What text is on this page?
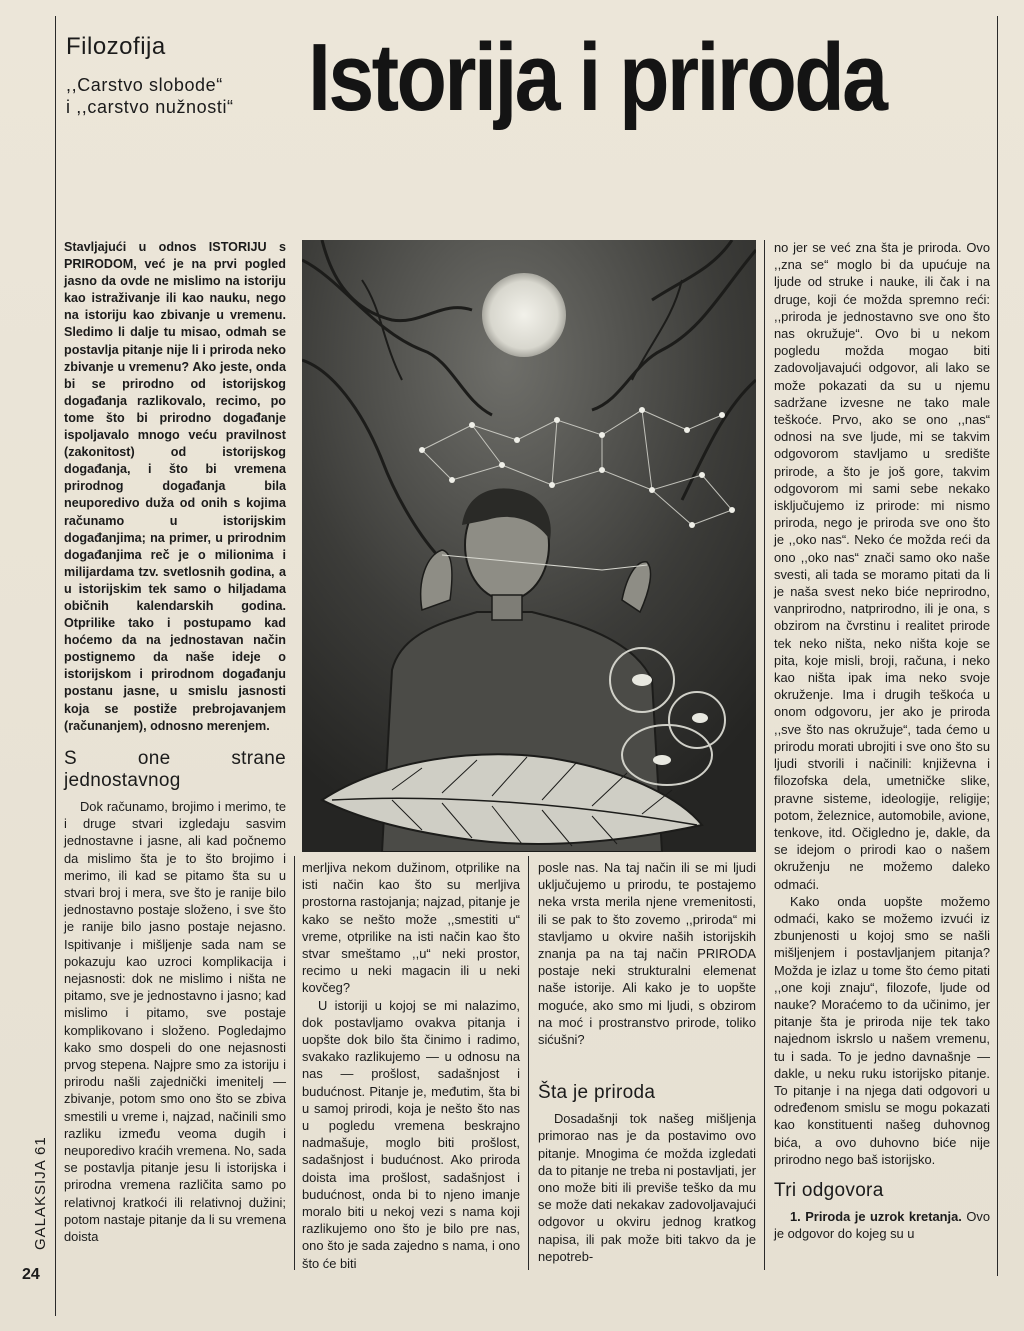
Filozofija
,,Carstvo slobode“
i ,,carstvo nužnosti“ Istorija i priroda
Stavljajući u odnos ISTORIJU s PRIRODOM, već je na prvi pogled jasno da ovde ne mislimo na istoriju kao istraživanje ili kao nauku, nego na istoriju kao zbivanje u vremenu. Sledimo li dalje tu misao, odmah se postavlja pitanje nije li i priroda neko zbivanje u vremenu? Ako jeste, onda bi se prirodno od istorijskog događanja razlikovalo, recimo, po tome što bi prirodno događanje ispoljavalo mnogo veću pravilnost (zakonitost) od istorijskog događanja, i što bi vremena prirodnog događanja bila neuporedivo duža od onih s kojima računamo u istorijskim događanjima; na primer, u prirodnim događanjima reč je o milionima i milijardama tzv. svetlosnih godina, a u istorijskim tek samo o hiljadama običnih kalendarskih godina. Otprilike tako i postupamo kad hoćemo da na jednostavan način postignemo da naše ideje o istorijskom i prirodnom događanju postanu jasne, u smislu jasnosti koja se postiže prebrojavanjem (računanjem), odnosno merenjem.
S one strane jednostavnog

Dok računamo, brojimo i merimo, te i druge stvari izgledaju sasvim jednostavne i jasne, ali kad počnemo da mislimo šta je to što brojimo i merimo, ili kad se pitamo šta su u stvari broj i mera, sve što je ranije bilo jednostavno postaje složeno, i sve što je ranije bilo jasno postaje nejasno. Ispitivanje i mišljenje sada nam se pokazuju kao uzroci komplikacija i nejasnosti: dok ne mislimo i ništa ne pitamo, sve je jednostavno i jasno; kad mislimo i pitamo, sve postaje komplikovano i složeno. Pogledajmo kako smo dospeli do one nejasnosti prvog stepena. Najpre smo za istoriju i prirodu našli zajednički imenitelj — zbivanje, potom smo ono što se zbiva smestili u vreme i, najzad, načinili smo razliku između veoma dugih i neuporedivo kraćih vremena. No, sada se postavlja pitanje jesu li istorijska i prirodna vremena različita samo po relativnoj kratkoći ili relativnoj dužini; potom nastaje pitanje da li su vremena doista

merljiva nekom dužinom, otprilike na isti način kao što su merljiva prostorna rastojanja; najzad, pitanje je kako se nešto može ,,smestiti u“ vreme, otprilike na isti način kao što stvar smeštamo ,,u“ neki prostor, recimo u neki magacin ili u neki kovčeg?

U istoriji u kojoj se mi nalazimo, dok postavljamo ovakva pitanja i uopšte dok bilo šta činimo i radimo, svakako razlikujemo — u odnosu na nas — prošlost, sadašnjost i budućnost. Pitanje je, međutim, šta bi u samoj prirodi, koja je nešto što nas u pogledu vremena beskrajno nadmašuje, moglo biti prošlost, sadašnjost i budućnost. Ako priroda doista ima prošlost, sadašnjost i budućnost, onda bi to njeno imanje moralo biti u nekoj vezi s nama koji razlikujemo ono što je bilo pre nas, ono što je sada zajedno s nama, i ono što će biti

posle nas. Na taj način ili se mi ljudi uključujemo u prirodu, te postajemo neka vrsta merila njene vremenitosti, ili se pak to što zovemo ,,priroda“ mi stavljamo u okvire naših istorijskih znanja pa na taj način PRIRODA postaje neki strukturalni elemenat naše istorije. Ali kako je to uopšte moguće, ako smo mi ljudi, s obzirom na moć i prostranstvo prirode, toliko sićušni?

Šta je priroda

Dosadašnji tok našeg mišljenja primorao nas je da postavimo ovo pitanje. Mnogima će možda izgledati da to pitanje ne treba ni postavljati, jer ono može biti ili previše teško da mu se može dati nekakav zadovoljavajući odgovor u okviru jednog kratkog napisa, ili pak može biti takvo da je nepotreb-

no jer se već zna šta je priroda. Ovo ,,zna se“ moglo bi da upućuje na ljude od struke i nauke, ili čak i na druge, koji će možda spremno reći: ,,priroda je jednostavno sve ono što nas okružuje“. Ovo bi u nekom pogledu možda mogao biti zadovoljavajući odgovor, ali lako se može pokazati da su u njemu sadržane izvesne ne tako male teškoće. Prvo, ako se ono ,,nas“ odnosi na sve ljude, mi se takvim odgovorom stavljamo u središte prirode, a što je još gore, takvim odgovorom mi sami sebe nekako isključujemo iz prirode: mi nismo priroda, nego je priroda sve ono što je ,,oko nas“. Neko će možda reći da ono ,,oko nas“ znači samo oko naše svesti, ali tada se moramo pitati da li je naša svest neko biće neprirodno, vanprirodno, natprirodno, ili je ona, s obzirom na čvrstinu i realitet prirode tek neko ništa, neko ništa koje se pita, koje misli, broji, računa, i neko kao ništa ipak ima neko svoje okruženje. Ima i drugih teškoća u onom odgovoru, jer ako je priroda ,,sve što nas okružuje“, tada ćemo u prirodu morati ubrojiti i sve ono što su ljudi stvorili i načinili: književna i filozofska dela, umetničke slike, pravne sisteme, ideologije, religije; potom, železnice, automobile, avione, tenkove, itd. Očigledno je, dakle, da se idejom o prirodi kao o našem okruženju ne možemo daleko odmaći.

Kako onda uopšte možemo odmaći, kako se možemo izvući iz zbunjenosti u kojoj smo se našli mišljenjem i postavljanjem pitanja? Možda je izlaz u tome što ćemo pitati ,,one koji znaju“, filozofe, ljude od nauke? Moraćemo to da učinimo, jer pitanje šta je priroda nije tek tako najednom iskrslo u našem vremenu, tu i sada. To je jedno davnašnje — dakle, u neku ruku istorijsko pitanje. To pitanje i na njega dati odgovori u određenom smislu se mogu pokazati kao konstituenti našeg duhovnog bića, a ovo duhovno biće nije prirodno nego baš istorijsko.

Tri odgovora

1. Priroda je uzrok kretanja. Ovo je odgovor do kojeg su u

GALAKSIJA 61
24
